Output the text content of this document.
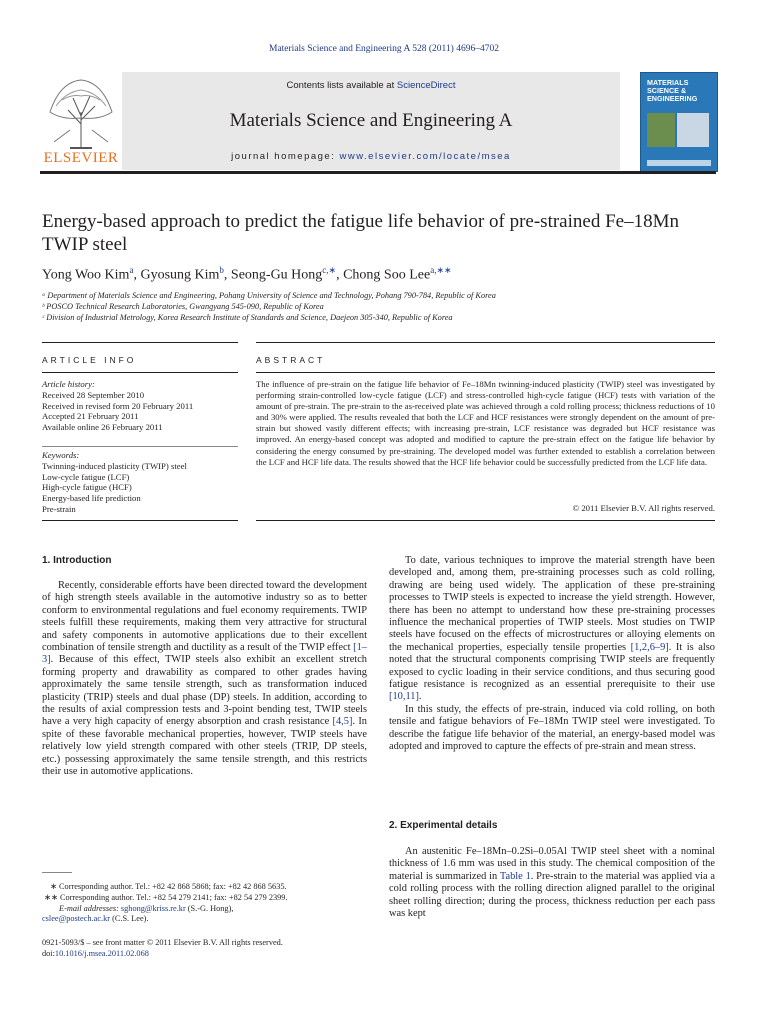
Materials Science and Engineering A 528 (2011) 4696–4702
ELSEVIER
Contents lists available at ScienceDirect
Materials Science and Engineering A
journal homepage: www.elsevier.com/locate/msea
MATERIALS SCIENCE & ENGINEERING
Energy-based approach to predict the fatigue life behavior of pre-strained Fe–18Mn TWIP steel
Yong Woo Kim$^a$, Gyosung Kim$^b$, Seong-Gu Hong$^{c,∗}$, Chong Soo Lee$^{a,∗∗}$
ᵃ Department of Materials Science and Engineering, Pohang University of Science and Technology, Pohang 790-784, Republic of Korea
ᵇ POSCO Technical Research Laboratories, Gwangyang 545-090, Republic of Korea
ᶜ Division of Industrial Metrology, Korea Research Institute of Standards and Science, Daejeon 305-340, Republic of Korea
ARTICLE INFO
Article history:
Received 28 September 2010
Received in revised form 20 February 2011
Accepted 21 February 2011
Available online 26 February 2011
Keywords:
Twinning-induced plasticity (TWIP) steel
Low-cycle fatigue (LCF)
High-cycle fatigue (HCF)
Energy-based life prediction
Pre-strain
ABSTRACT
The influence of pre-strain on the fatigue life behavior of Fe–18Mn twinning-induced plasticity (TWIP) steel was investigated by performing strain-controlled low-cycle fatigue (LCF) and stress-controlled high-cycle fatigue (HCF) tests with variation of the amount of pre-strain. The pre-strain to the as-received plate was achieved through a cold rolling process; thickness reductions of 10 and 30% were applied. The results revealed that both the LCF and HCF resistances were strongly dependent on the amount of pre-strain but showed vastly different effects; with increasing pre-strain, LCF resistance was degraded but HCF resistance was improved. An energy-based concept was adopted and modified to capture the pre-strain effect on the fatigue life behavior by considering the energy consumed by pre-straining. The developed model was further extended to establish a correlation between the LCF and HCF life data. The results showed that the HCF life behavior could be successfully predicted from the LCF life data.
© 2011 Elsevier B.V. All rights reserved.
1. Introduction

Recently, considerable efforts have been directed toward the development of high strength steels available in the automotive industry so as to better conform to environmental regulations and fuel economy requirements. TWIP steels fulfill these requirements, making them very attractive for structural and safety components in automotive applications due to their excellent combination of tensile strength and ductility as a result of the TWIP effect [1–3]. Because of this effect, TWIP steels also exhibit an excellent stretch forming property and drawability as compared to other grades having approximately the same tensile strength, such as transformation induced plasticity (TRIP) steels and dual phase (DP) steels. In addition, according to the results of axial compression tests and 3-point bending test, TWIP steels have a very high capacity of energy absorption and crash resistance [4,5]. In spite of these favorable mechanical properties, however, TWIP steels have relatively low yield strength compared with other steels (TRIP, DP steels, etc.) possessing approximately the same tensile strength, and this restricts their use in automotive applications.

∗ Corresponding author. Tel.: +82 42 868 5868; fax: +82 42 868 5635.
∗∗ Corresponding author. Tel.: +82 54 279 2141; fax: +82 54 279 2399.
E-mail addresses: sghong@kriss.re.kr (S.-G. Hong),
cslee@postech.ac.kr (C.S. Lee).
0921-5093/$ – see front matter © 2011 Elsevier B.V. All rights reserved.
doi:10.1016/j.msea.2011.02.068

To date, various techniques to improve the material strength have been developed and, among them, pre-straining processes such as cold rolling, drawing are being used widely. The application of these pre-straining processes to TWIP steels is expected to increase the yield strength. However, there has been no attempt to understand how these pre-straining processes influence the mechanical properties of TWIP steels. Most studies on TWIP steels have focused on the effects of microstructures or alloying elements on the mechanical properties, especially tensile properties [1,2,6–9]. It is also noted that the structural components comprising TWIP steels are frequently exposed to cyclic loading in their service conditions, and thus securing good fatigue resistance is recognized as an essential prerequisite to their use [10,11].

In this study, the effects of pre-strain, induced via cold rolling, on both tensile and fatigue behaviors of Fe–18Mn TWIP steel were investigated. To describe the fatigue life behavior of the material, an energy-based model was adopted and improved to capture the effects of pre-strain and mean stress.

2. Experimental details

An austenitic Fe–18Mn–0.2Si–0.05Al TWIP steel sheet with a nominal thickness of 1.6 mm was used in this study. The chemical composition of the material is summarized in Table 1. Pre-strain to the material was applied via a cold rolling process with the rolling direction aligned parallel to the original sheet rolling direction; during the process, thickness reduction per each pass was kept
